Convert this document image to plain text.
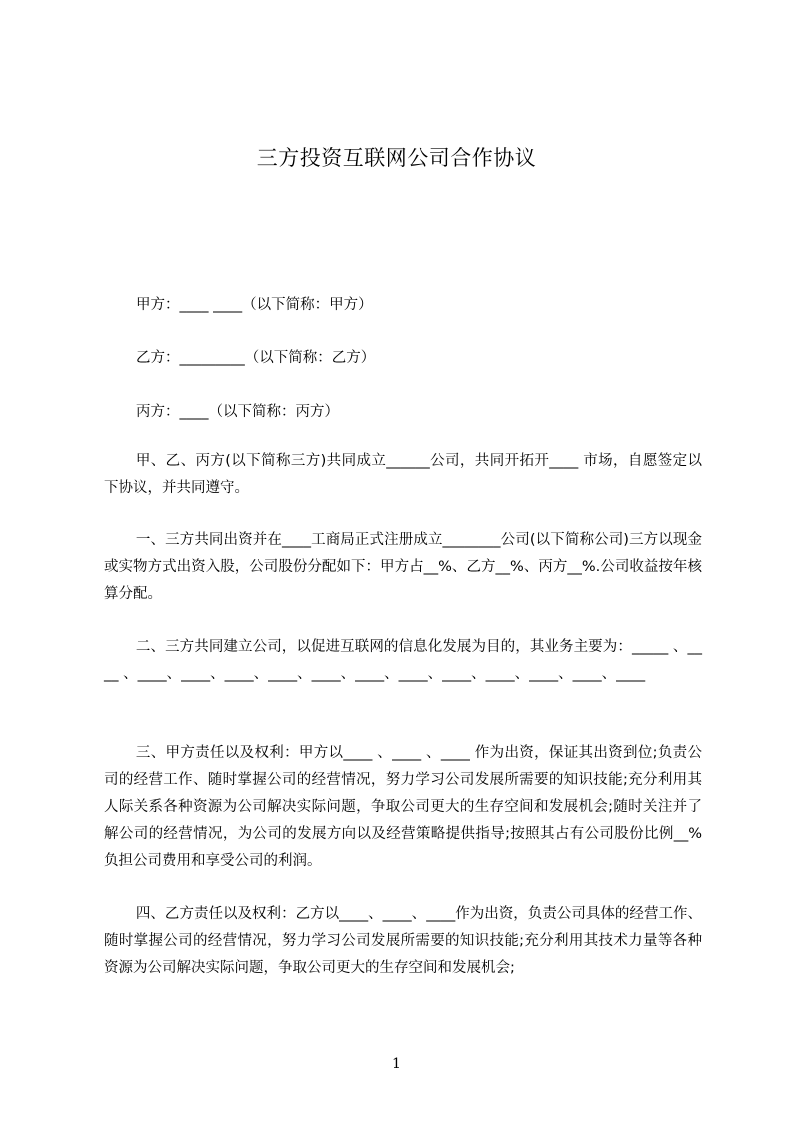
三方投资互联网公司合作协议

甲方：____ ____（以下简称：甲方）

乙方：_________（以下简称：乙方）

丙方：____（以下简称：丙方）

甲、乙、丙方(以下简称三方)共同成立______公司，共同开拓开____ 市场，自愿签定以下协议，并共同遵守。

一、三方共同出资并在____工商局正式注册成立________公司(以下简称公司)三方以现金或实物方式出资入股，公司股份分配如下：甲方占__%、乙方__%、丙方__%.公司收益按年核算分配。

二、三方共同建立公司，以促进互联网的信息化发展为目的，其业务主要为：_____ 、____ 、____、____、____、____、____、____、____、____、____、____、____、____

三、甲方责任以及权利：甲方以____ 、____ 、____ 作为出资，保证其出资到位;负责公司的经营工作、随时掌握公司的经营情况，努力学习公司发展所需要的知识技能;充分利用其人际关系各种资源为公司解决实际问题，争取公司更大的生存空间和发展机会;随时关注并了解公司的经营情况，为公司的发展方向以及经营策略提供指导;按照其占有公司股份比例__%负担公司费用和享受公司的利润。

四、乙方责任以及权利：乙方以____、____、____作为出资，负责公司具体的经营工作、随时掌握公司的经营情况，努力学习公司发展所需要的知识技能;充分利用其技术力量等各种资源为公司解决实际问题，争取公司更大的生存空间和发展机会;

1
